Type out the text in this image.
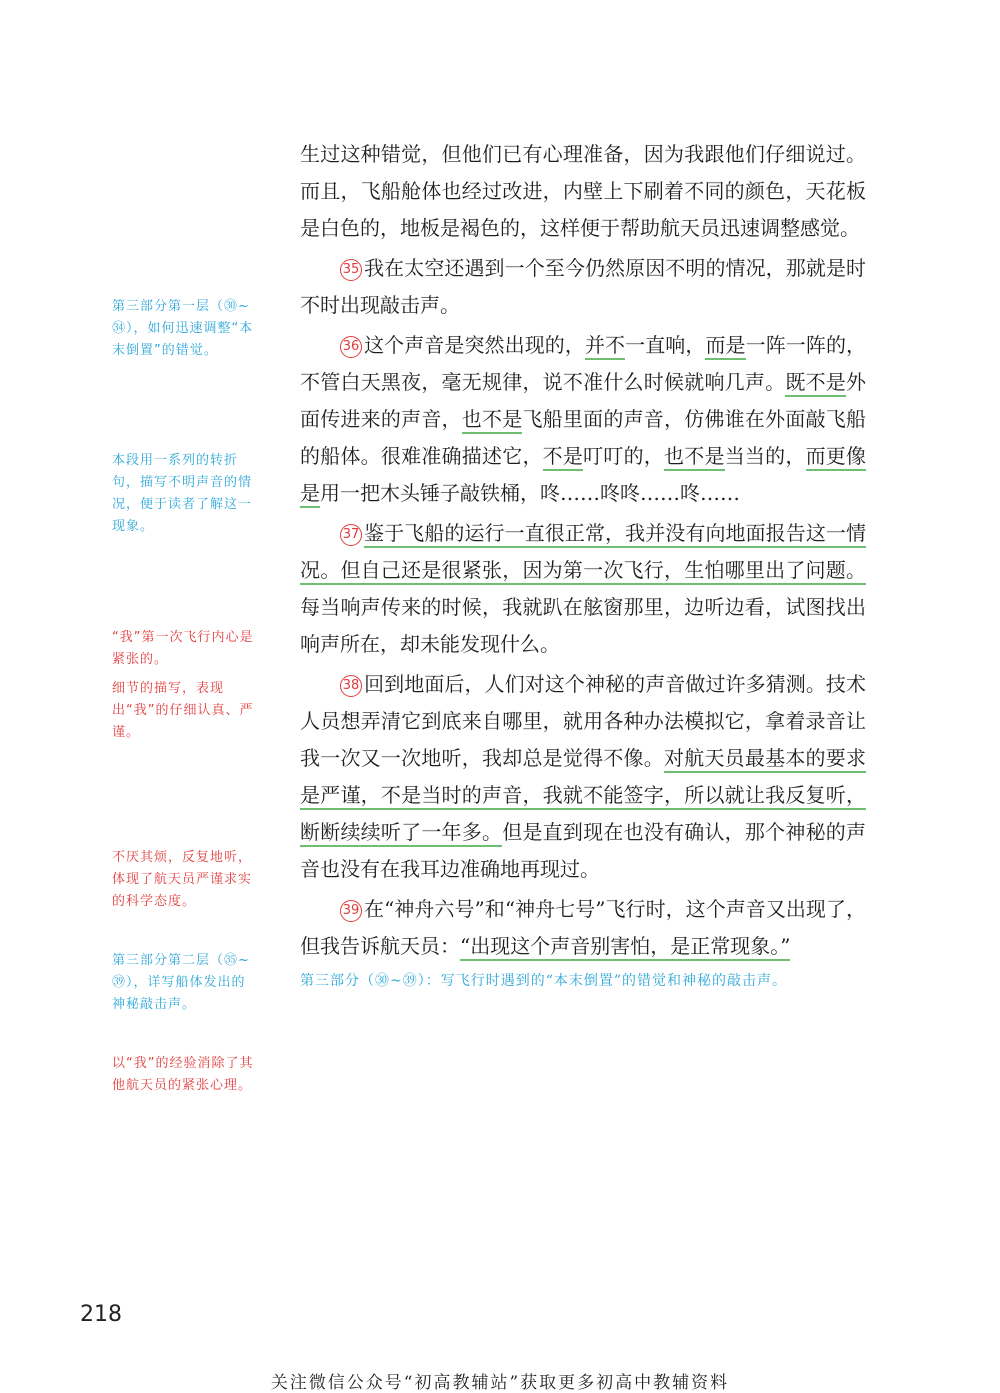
生过这种错觉，但他们已有心理准备，因为我跟他们仔细说过。而且，飞船舱体也经过改进，内壁上下刷着不同的颜色，天花板是白色的，地板是褐色的，这样便于帮助航天员迅速调整感觉。

35 我在太空还遇到一个至今仍然原因不明的情况，那就是时不时出现敲击声。

36 这个声音是突然出现的，并不一直响，而是一阵一阵的，不管白天黑夜，毫无规律，说不准什么时候就响几声。既不是外面传进来的声音，也不是飞船里面的声音，仿佛谁在外面敲飞船的船体。很难准确描述它，不是叮叮的，也不是当当的，而更像是用一把木头锤子敲铁桶，咚……咚咚……咚……

37 鉴于飞船的运行一直很正常，我并没有向地面报告这一情况。但自己还是很紧张，因为第一次飞行，生怕哪里出了问题。每当响声传来的时候，我就趴在舷窗那里，边听边看，试图找出响声所在，却未能发现什么。

38 回到地面后，人们对这个神秘的声音做过许多猜测。技术人员想弄清它到底来自哪里，就用各种办法模拟它，拿着录音让我一次又一次地听，我却总是觉得不像。对航天员最基本的要求是严谨，不是当时的声音，我就不能签字，所以就让我反复听，断断续续听了一年多。但是直到现在也没有确认，那个神秘的声音也没有在我耳边准确地再现过。

39 在“神舟六号”和“神舟七号”飞行时，这个声音又出现了，但我告诉航天员：“出现这个声音别害怕，是正常现象。”

第三部分（㉚~㊴）：写飞行时遇到的“本末倒置”的错觉和神秘的敲击声。
第三部分第一层（㉚~㉞），如何迅速调整“本末倒置”的错觉。
本段用一系列的转折句，描写不明声音的情况，便于读者了解这一现象。
“我”第一次飞行内心是紧张的。
细节的描写，表现出“我”的仔细认真、严谨。
不厌其烦，反复地听，体现了航天员严谨求实的科学态度。
第三部分第二层（㉟~㊴），详写船体发出的神秘敲击声。
以“我”的经验消除了其他航天员的紧张心理。
218
关注微信公众号“初高教辅站”获取更多初高中教辅资料
